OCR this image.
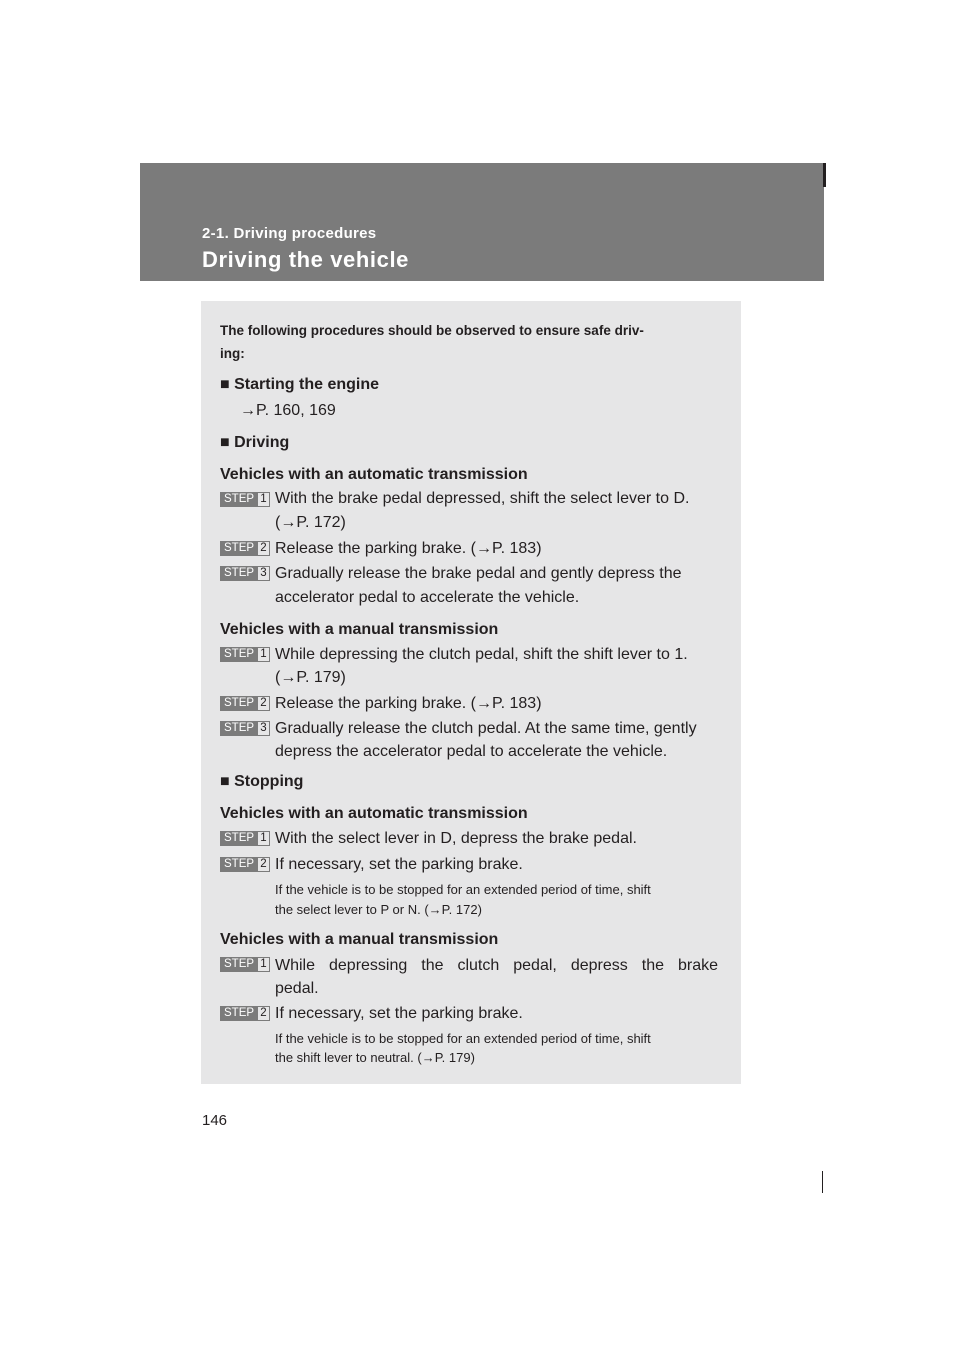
2-1. Driving procedures
Driving the vehicle
The following procedures should be observed to ensure safe driv-
ing:
■ Starting the engine
→P. 160, 169
■ Driving
Vehicles with an automatic transmission
STEP 1 With the brake pedal depressed, shift the select lever to D.
(→P. 172)
STEP 2 Release the parking brake. (→P. 183)
STEP 3 Gradually release the brake pedal and gently depress the
accelerator pedal to accelerate the vehicle.
Vehicles with a manual transmission
STEP 1 While depressing the clutch pedal, shift the shift lever to 1.
(→P. 179)
STEP 2 Release the parking brake. (→P. 183)
STEP 3 Gradually release the clutch pedal. At the same time, gently
depress the accelerator pedal to accelerate the vehicle.
■ Stopping
Vehicles with an automatic transmission
STEP 1 With the select lever in D, depress the brake pedal.
STEP 2 If necessary, set the parking brake.
If the vehicle is to be stopped for an extended period of time, shift
the select lever to P or N. (→P. 172)
Vehicles with a manual transmission
STEP 1 While depressing the clutch pedal, depress the brake
pedal.
STEP 2 If necessary, set the parking brake.
If the vehicle is to be stopped for an extended period of time, shift
the shift lever to neutral. (→P. 179)
146
